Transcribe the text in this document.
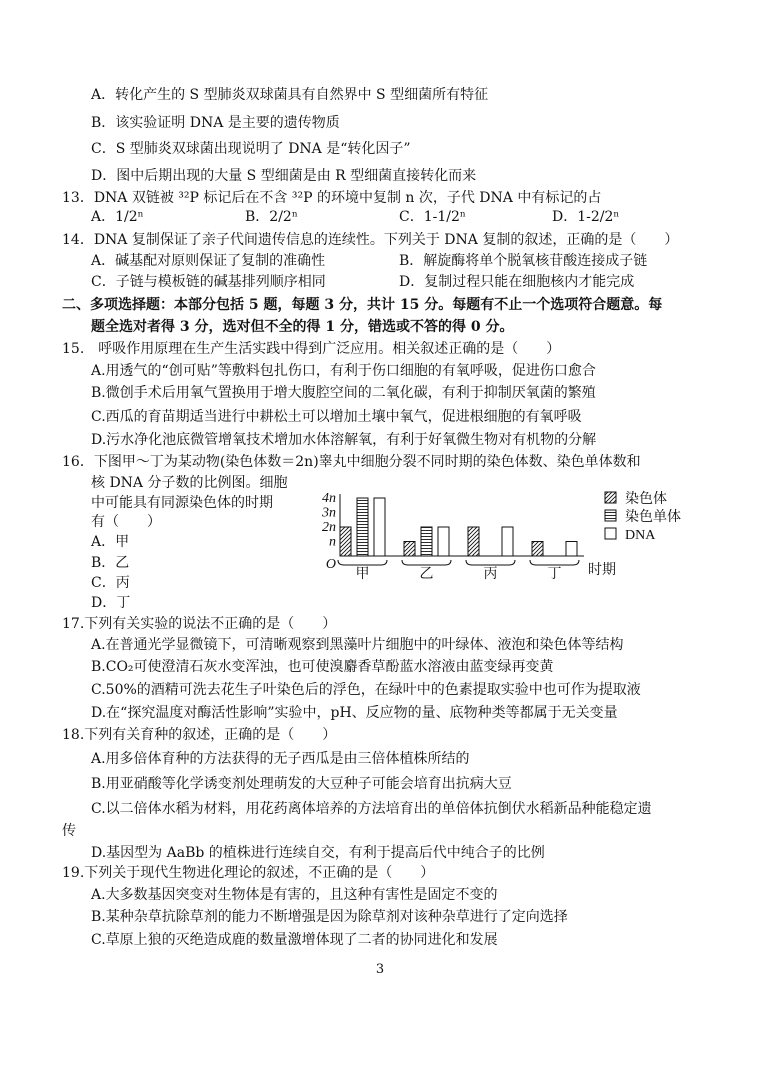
A．转化产生的 S 型肺炎双球菌具有自然界中 S 型细菌所有特征
B．该实验证明 DNA 是主要的遗传物质
C．S 型肺炎双球菌出现说明了 DNA 是“转化因子”
D．图中后期出现的大量 S 型细菌是由 R 型细菌直接转化而来
13．DNA 双链被 ³²P 标记后在不含 ³²P 的环境中复制 n 次，子代 DNA 中有标记的占
A．1/2ⁿ	B．2/2ⁿ	C．1-1/2ⁿ	D．1-2/2ⁿ
14．DNA 复制保证了亲子代间遗传信息的连续性。下列关于 DNA 复制的叙述，正确的是（　　）
A．碱基配对原则保证了复制的准确性	B．解旋酶将单个脱氧核苷酸连接成子链
C．子链与模板链的碱基排列顺序相同	D．复制过程只能在细胞核内才能完成
二、多项选择题：本部分包括 5 题，每题 3 分，共计 15 分。每题有不止一个选项符合题意。每
题全选对者得 3 分，选对但不全的得 1 分，错选或不答的得 0 分。
15.　呼吸作用原理在生产生活实践中得到广泛应用。相关叙述正确的是（　　）
A.用透气的“创可贴”等敷料包扎伤口，有利于伤口细胞的有氧呼吸，促进伤口愈合
B.微创手术后用氧气置换用于增大腹腔空间的二氧化碳，有利于抑制厌氧菌的繁殖
C.西瓜的育苗期适当进行中耕松土可以增加土壤中氧气，促进根细胞的有氧呼吸
D.污水净化池底微管增氧技术增加水体溶解氧，有利于好氧微生物对有机物的分解
16．下图甲～丁为某动物(染色体数＝2n)睾丸中细胞分裂不同时期的染色体数、染色单体数和
核 DNA 分子数的比例图。细胞
中可能具有同源染色体的时期
有（　　）
A．甲
B．乙
C．丙
D．丁
O
n
2n
3n
4n
甲	乙	丙	丁 时期
染色体
染色单体
DNA
17.下列有关实验的说法不正确的是（　　）
A.在普通光学显微镜下，可清晰观察到黑藻叶片细胞中的叶绿体、液泡和染色体等结构
B.CO₂可使澄清石灰水变浑浊，也可使溴麝香草酚蓝水溶液由蓝变绿再变黄
C.50%的酒精可洗去花生子叶染色后的浮色，在绿叶中的色素提取实验中也可作为提取液
D.在“探究温度对酶活性影响”实验中，pH、反应物的量、底物种类等都属于无关变量
18.下列有关育种的叙述，正确的是（　　）
A.用多倍体育种的方法获得的无子西瓜是由三倍体植株所结的
B.用亚硝酸等化学诱变剂处理萌发的大豆种子可能会培育出抗病大豆
C.以二倍体水稻为材料，用花药离体培养的方法培育出的单倍体抗倒伏水稻新品种能稳定遗
传
D.基因型为 AaBb 的植株进行连续自交，有利于提高后代中纯合子的比例
19.下列关于现代生物进化理论的叙述，不正确的是（　　）
A.大多数基因突变对生物体是有害的，且这种有害性是固定不变的
B.某种杂草抗除草剂的能力不断增强是因为除草剂对该种杂草进行了定向选择
C.草原上狼的灭绝造成鹿的数量激增体现了二者的协同进化和发展
3
